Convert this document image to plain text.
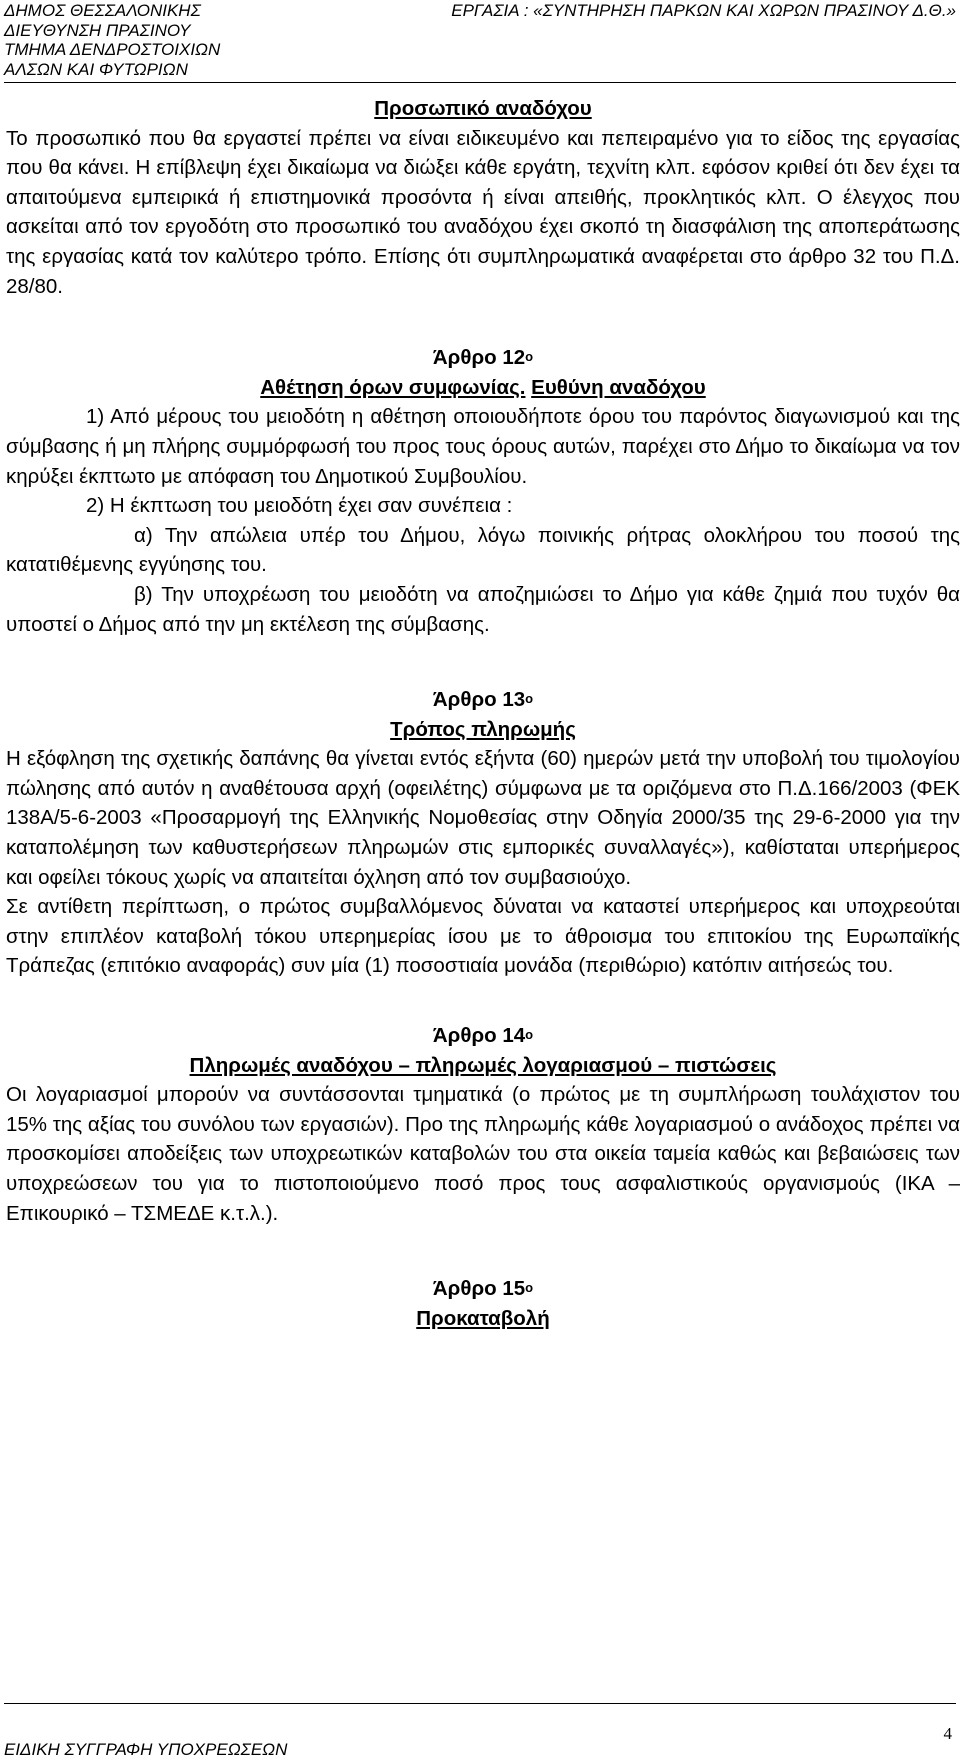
ΔΗΜΟΣ ΘΕΣΣΑΛΟΝΙΚΗΣ
ΔΙΕΥΘΥΝΣΗ ΠΡΑΣΙΝΟΥ
ΤΜΗΜΑ ΔΕΝΔΡΟΣΤΟΙΧΙΩΝ
ΑΛΣΩΝ ΚΑΙ ΦΥΤΩΡΙΩΝ
ΕΡΓΑΣΙΑ : «ΣΥΝΤΗΡΗΣΗ ΠΑΡΚΩΝ ΚΑΙ ΧΩΡΩΝ ΠΡΑΣΙΝΟΥ Δ.Θ.»

Προσωπικό αναδόχου

Το προσωπικό που θα εργαστεί πρέπει να είναι ειδικευμένο και πεπειραμένο για το είδος της εργασίας που θα κάνει. Η επίβλεψη έχει δικαίωμα να διώξει κάθε εργάτη, τεχνίτη κλπ. εφόσον κριθεί ότι δεν έχει τα απαιτούμενα εμπειρικά ή επιστημονικά προσόντα ή είναι απειθής, προκλητικός κλπ. Ο έλεγχος που ασκείται από τον εργοδότη στο προσωπικό του αναδόχου έχει σκοπό τη διασφάλιση της αποπεράτωσης της εργασίας κατά τον καλύτερο τρόπο. Επίσης ότι συμπληρωματικά αναφέρεται στο άρθρο 32 του Π.Δ. 28/80.

Άρθρο $12^o$

Αθέτηση όρων συμφωνίας. Ευθύνη αναδόχου

1) Από μέρους του μειοδότη η αθέτηση οποιουδήποτε όρου του παρόντος διαγωνισμού και της σύμβασης ή μη πλήρης συμμόρφωσή του προς τους όρους αυτών, παρέχει στο Δήμο το δικαίωμα να τον κηρύξει έκπτωτο με απόφαση του Δημοτικού Συμβουλίου.

2) Η έκπτωση του μειοδότη έχει σαν συνέπεια :

α) Την απώλεια υπέρ του Δήμου, λόγω ποινικής ρήτρας ολοκλήρου του ποσού της κατατιθέμενης εγγύησης του.

β) Την υποχρέωση του μειοδότη να αποζημιώσει το Δήμο για κάθε ζημιά που τυχόν θα υποστεί ο Δήμος από την μη εκτέλεση της σύμβασης.

Άρθρο $13^o$

Τρόπος πληρωμής

Η εξόφληση της σχετικής δαπάνης θα γίνεται εντός εξήντα (60) ημερών μετά την υποβολή του τιμολογίου πώλησης από αυτόν η αναθέτουσα αρχή (οφειλέτης) σύμφωνα με τα οριζόμενα στο Π.Δ.166/2003 (ΦΕΚ 138Α/5-6-2003 «Προσαρμογή της Ελληνικής Νομοθεσίας στην Οδηγία 2000/35 της 29-6-2000 για την καταπολέμηση των καθυστερήσεων πληρωμών στις εμπορικές συναλλαγές»), καθίσταται υπερήμερος και οφείλει τόκους χωρίς να απαιτείται όχληση από τον συμβασιούχο.

Σε αντίθετη περίπτωση, ο πρώτος συμβαλλόμενος δύναται να καταστεί υπερήμερος και υποχρεούται στην επιπλέον καταβολή τόκου υπερημερίας ίσου με το άθροισμα του επιτοκίου της Ευρωπαϊκής Τράπεζας (επιτόκιο αναφοράς) συν μία (1) ποσοστιαία μονάδα (περιθώριο) κατόπιν αιτήσεώς του.

Άρθρο $14^o$

Πληρωμές αναδόχου – πληρωμές λογαριασμού – πιστώσεις

Οι λογαριασμοί μπορούν να συντάσσονται τμηματικά (ο πρώτος με τη συμπλήρωση τουλάχιστον του 15% της αξίας του συνόλου των εργασιών). Προ της πληρωμής κάθε λογαριασμού ο ανάδοχος πρέπει να προσκομίσει αποδείξεις των υποχρεωτικών καταβολών του στα οικεία ταμεία καθώς και βεβαιώσεις των υποχρεώσεων του για το πιστοποιούμενο ποσό προς τους ασφαλιστικούς οργανισμούς (ΙΚΑ – Επικουρικό – ΤΣΜΕΔΕ κ.τ.λ.).

Άρθρο $15^o$

Προκαταβολή

ΕΙΔΙΚΗ ΣΥΓΓΡΑΦΗ ΥΠΟΧΡΕΩΣΕΩΝ
4
